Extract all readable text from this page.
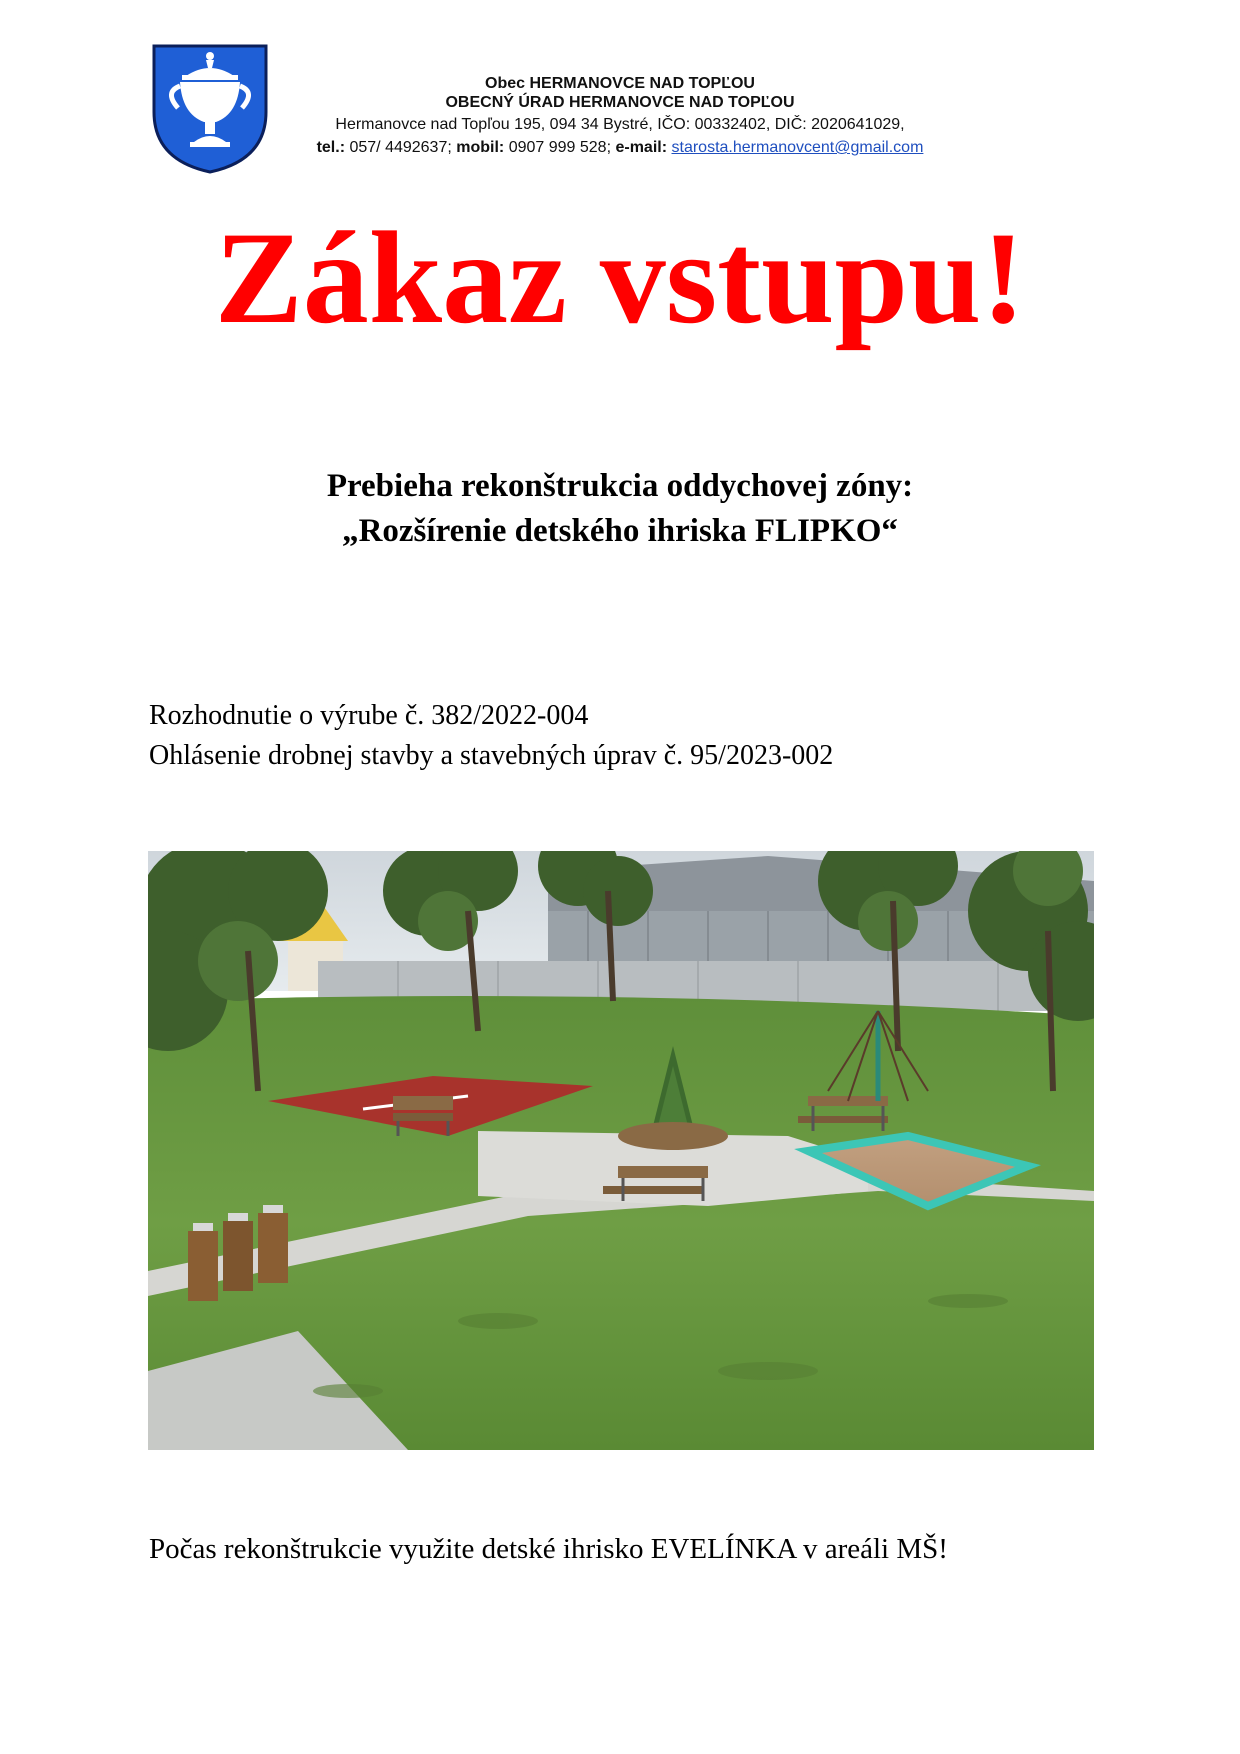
Obec HERMANOVCE NAD TOPĽOU
OBECNÝ ÚRAD HERMANOVCE NAD TOPĽOU
Hermanovce nad Topľou 195, 094 34 Bystré, IČO: 00332402, DIČ: 2020641029,
tel.: 057/ 4492637; mobil: 0907 999 528; e-mail: starosta.hermanovcent@gmail.com
Zákaz vstupu!
Prebieha rekonštrukcia oddychovej zóny:
„Rozšírenie detského ihriska FLIPKO“
Rozhodnutie o výrube č. 382/2022-004
Ohlásenie drobnej stavby a stavebných úprav č. 95/2023-002
Počas rekonštrukcie využite detské ihrisko EVELÍNKA v areáli MŠ!
